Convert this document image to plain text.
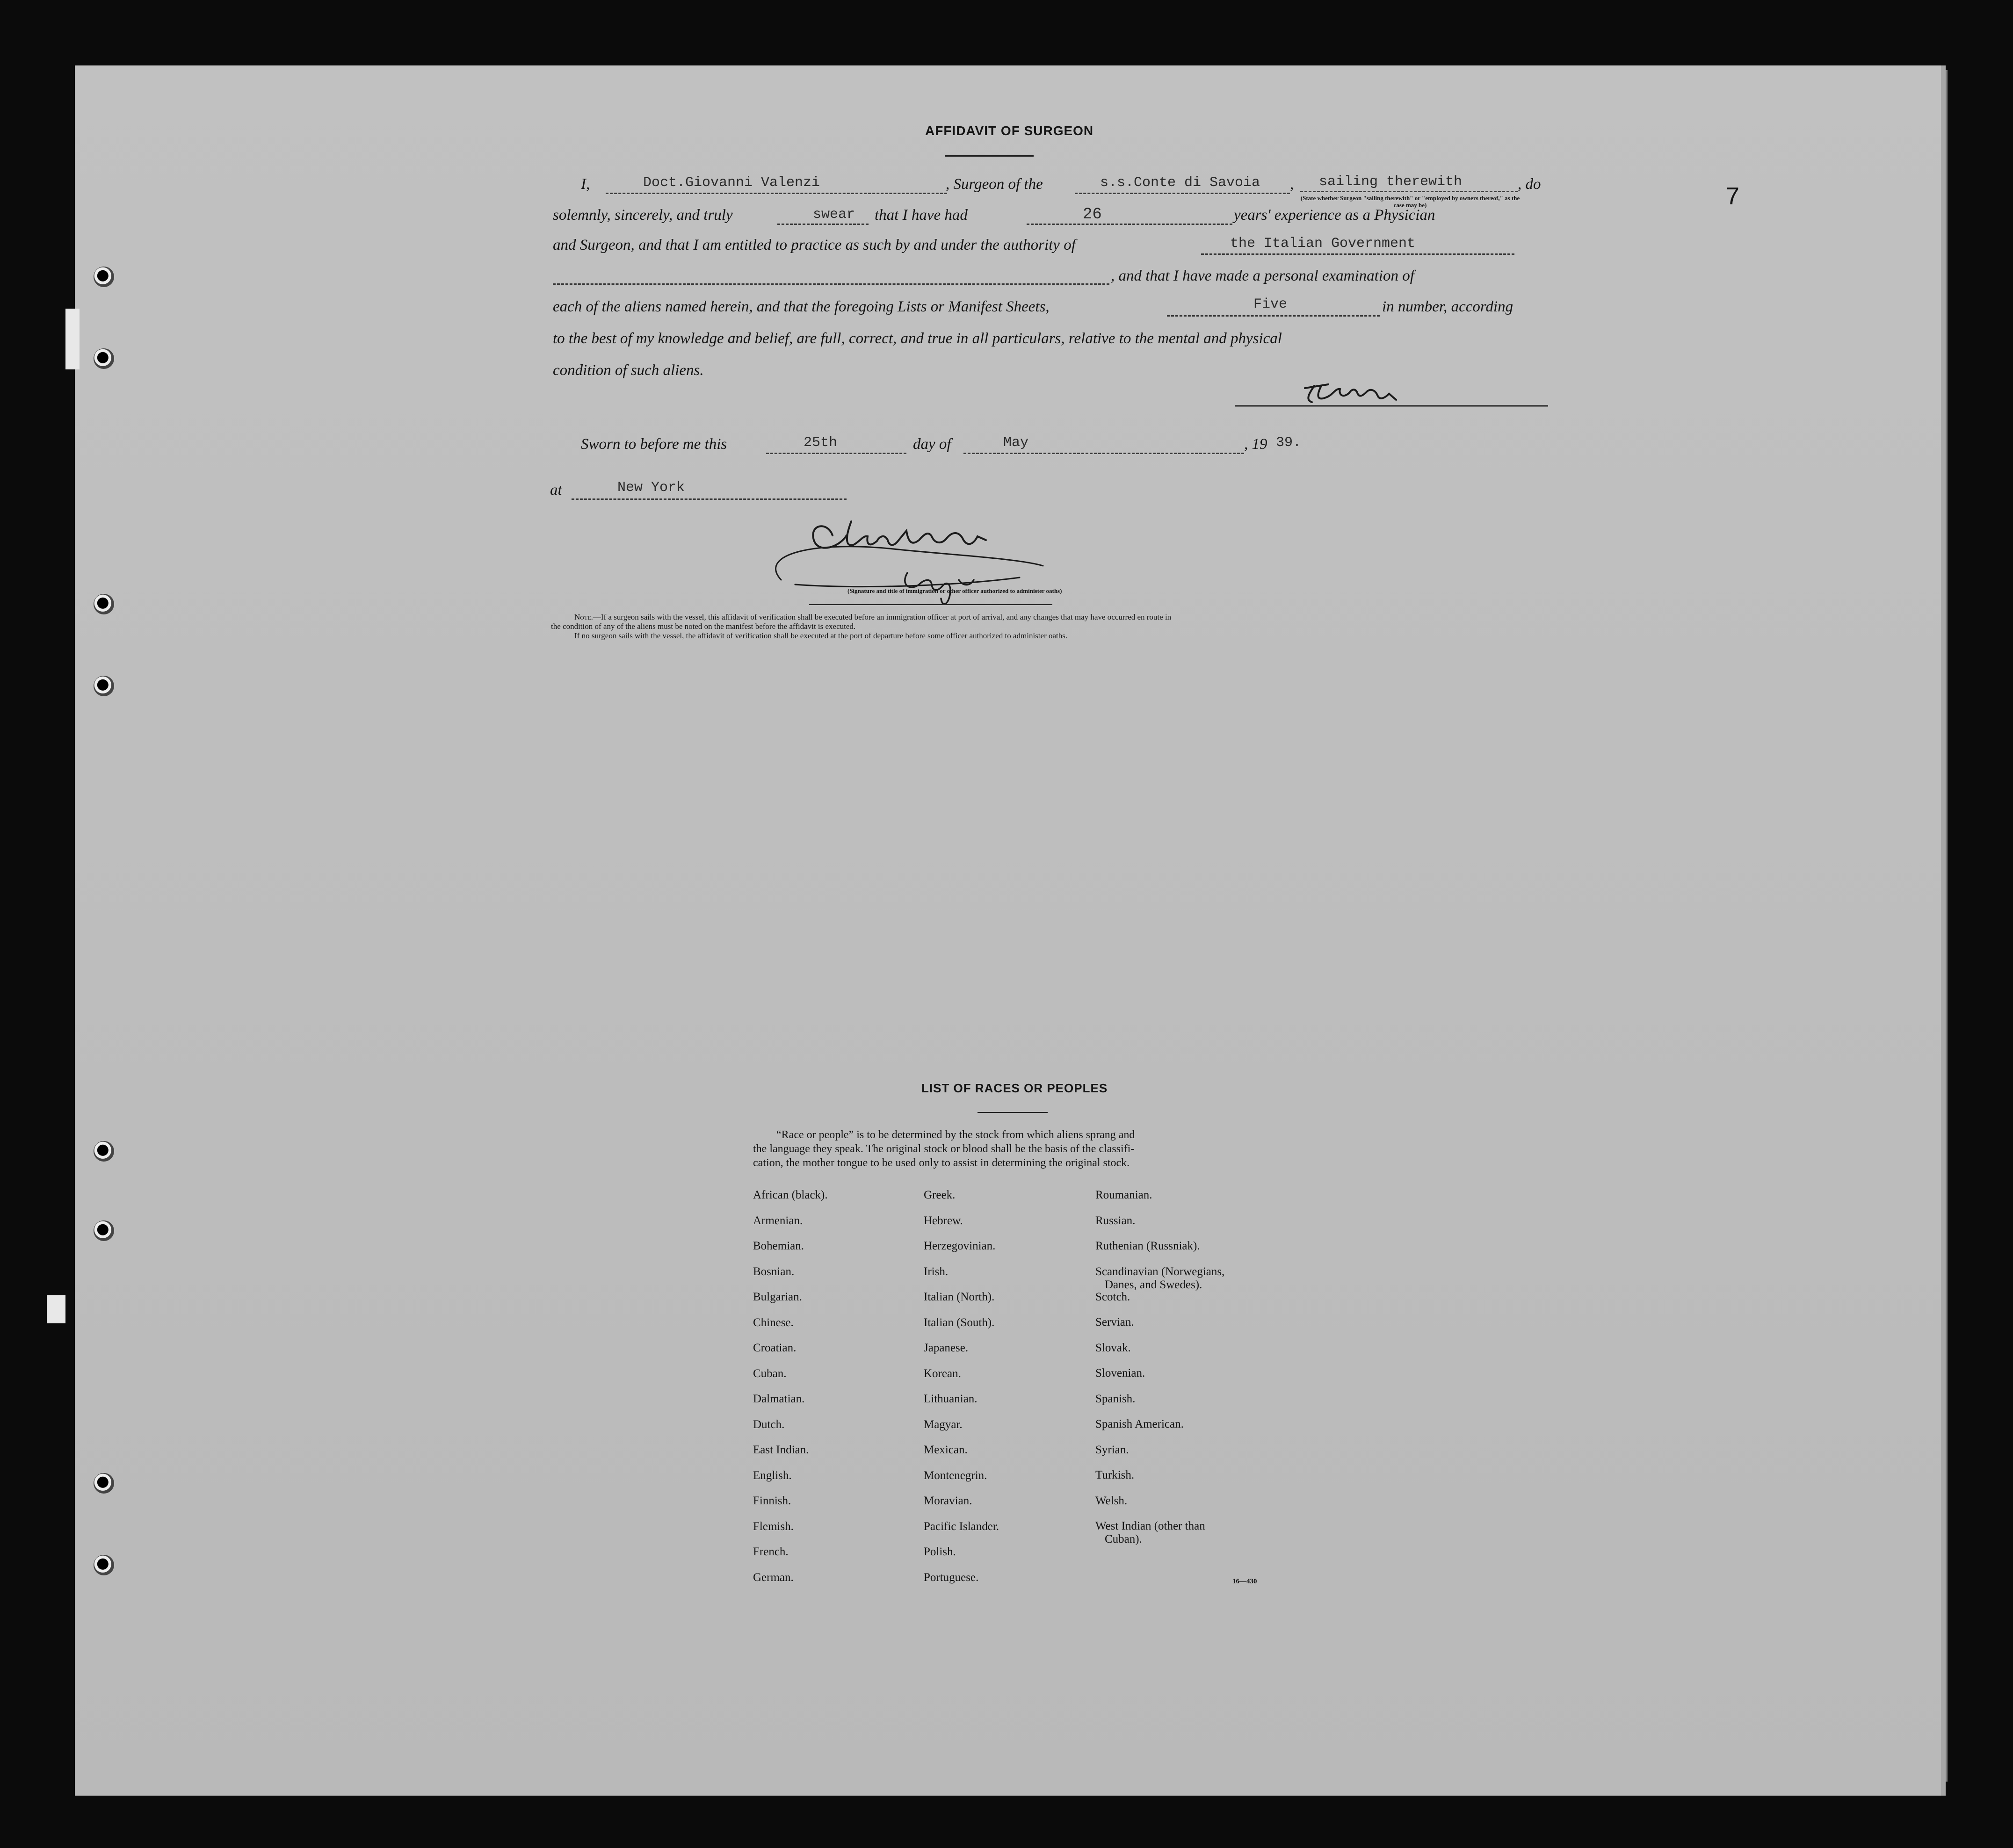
7
AFFIDAVIT OF SURGEON
I,	Doct.Giovanni Valenzi	, Surgeon of the	s.s.Conte di Savoia , sailing therewith	, do
(State whether Surgeon "sailing therewith" or "employed by owners thereof," as the case may be)
solemnly, sincerely, and truly	swear that I have had	26	years' experience as a Physician
and Surgeon, and that I am entitled to practice as such by and under the authority of	the Italian Government
, and that I have made a personal examination of
each of the aliens named herein, and that the foregoing Lists or Manifest Sheets,	Five	in number, according
to the best of my knowledge and belief, are full, correct, and true in all particulars, relative to the mental and physical
condition of such aliens.
Sworn to before me this	25th	day of	May	, 19 39.
at	New York
(Signature and title of immigration or other officer authorized to administer oaths)
Note.—If a surgeon sails with the vessel, this affidavit of verification shall be executed before an immigration officer at port of arrival, and any changes that may have occurred en route in
the condition of any of the aliens must be noted on the manifest before the affidavit is executed.
If no surgeon sails with the vessel, the affidavit of verification shall be executed at the port of departure before some officer authorized to administer oaths.
LIST OF RACES OR PEOPLES
“Race or people” is to be determined by the stock from which aliens sprang and
the language they speak. The original stock or blood shall be the basis of the classifi-
cation, the mother tongue to be used only to assist in determining the original stock.
African (black).
Armenian.
Bohemian.
Bosnian.
Bulgarian.
Chinese.
Croatian.
Cuban.
Dalmatian.
Dutch.
East Indian.
English.
Finnish.
Flemish.
French.
German.
Greek.
Hebrew.
Herzegovinian.
Irish.
Italian (North).
Italian (South).
Japanese.
Korean.
Lithuanian.
Magyar.
Mexican.
Montenegrin.
Moravian.
Pacific Islander.
Polish.
Portuguese.
Roumanian.
Russian.
Ruthenian (Russniak).
Scandinavian (Norwegians,
Danes, and Swedes).
Scotch.
Servian.
Slovak.
Slovenian.
Spanish.
Spanish American.
Syrian.
Turkish.
Welsh.
West Indian (other than
Cuban).
16—430
